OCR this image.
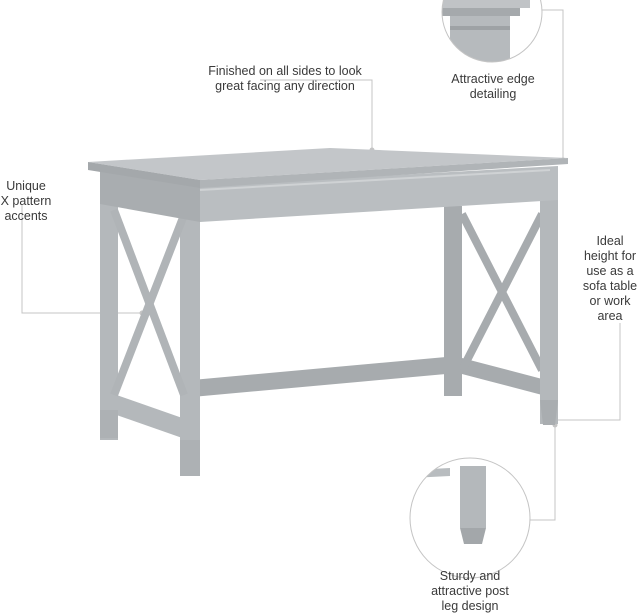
Finished on all sides to look
great facing any direction	Attractive edge
detailing
Unique
X pattern
accents
Ideal
height for
use as a
sofa table
or work
area
Sturdy and
attractive post
leg design
